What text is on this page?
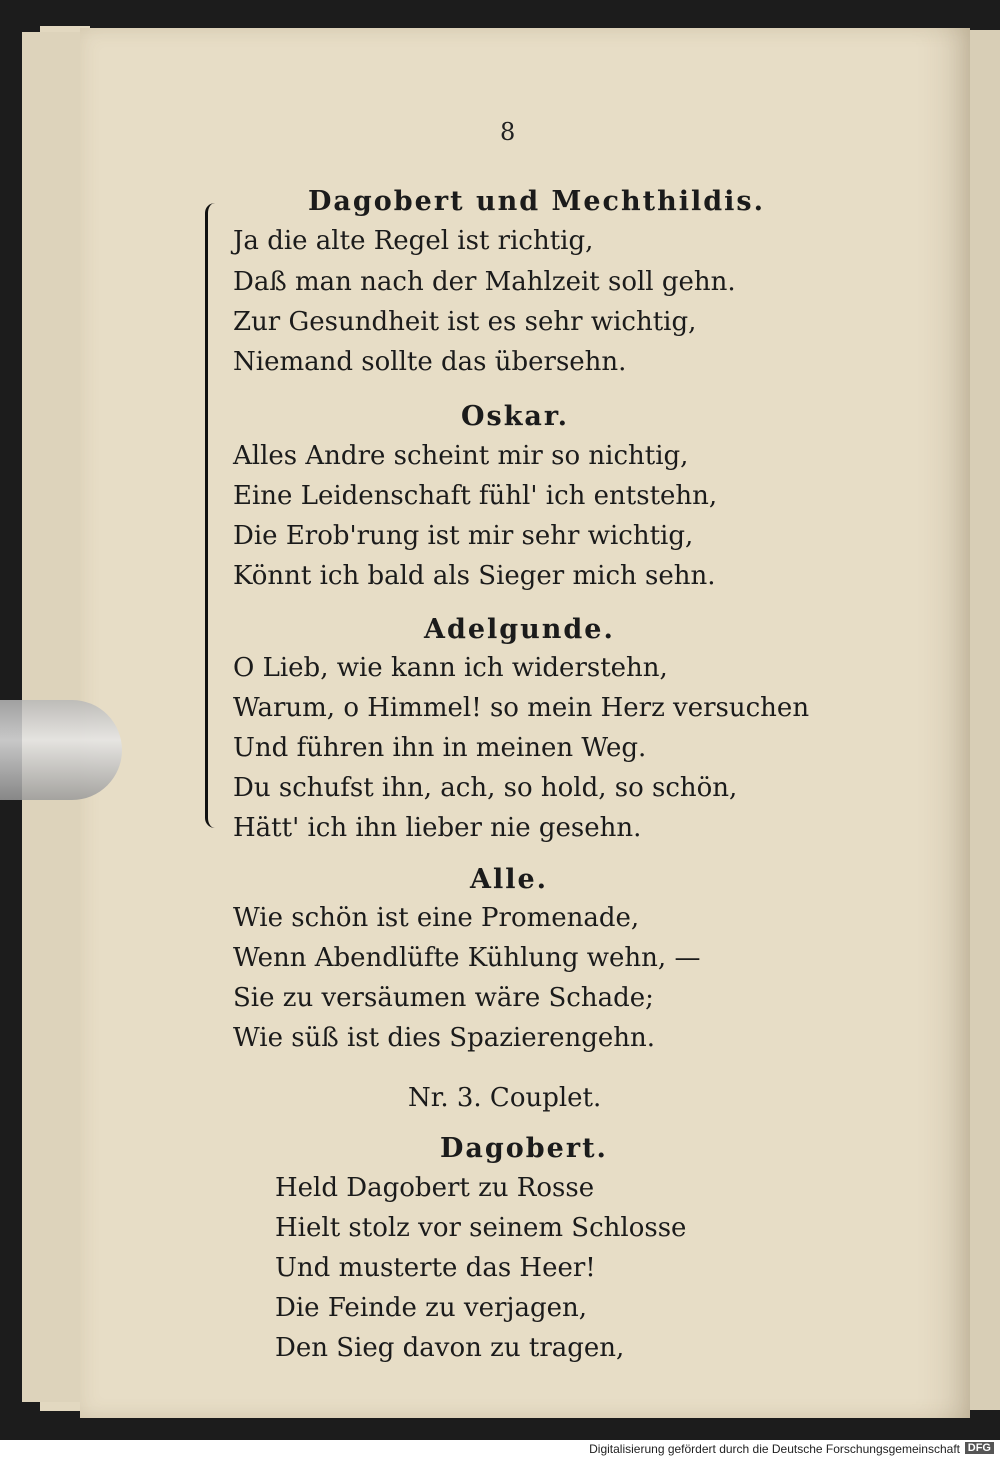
8
Dagobert und Mechthildis.
Ja die alte Regel ist richtig,
Daß man nach der Mahlzeit soll gehn.
Zur Gesundheit ist es sehr wichtig,
Niemand sollte das übersehn.
Oskar.
Alles Andre scheint mir so nichtig,
Eine Leidenschaft fühl' ich entstehn,
Die Erob'rung ist mir sehr wichtig,
Könnt ich bald als Sieger mich sehn.
Adelgunde.
O Lieb, wie kann ich widerstehn,
Warum, o Himmel! so mein Herz versuchen
Und führen ihn in meinen Weg.
Du schufst ihn, ach, so hold, so schön,
Hätt' ich ihn lieber nie gesehn.
Alle.
Wie schön ist eine Promenade,
Wenn Abendlüfte Kühlung wehn, —
Sie zu versäumen wäre Schade;
Wie süß ist dies Spazierengehn.
Nr. 3. Couplet.
Dagobert.
Held Dagobert zu Rosse
Hielt stolz vor seinem Schlosse
Und musterte das Heer!
Die Feinde zu verjagen,
Den Sieg davon zu tragen,
Digitalisierung gefördert durch die Deutsche Forschungsgemeinschaft DFG
